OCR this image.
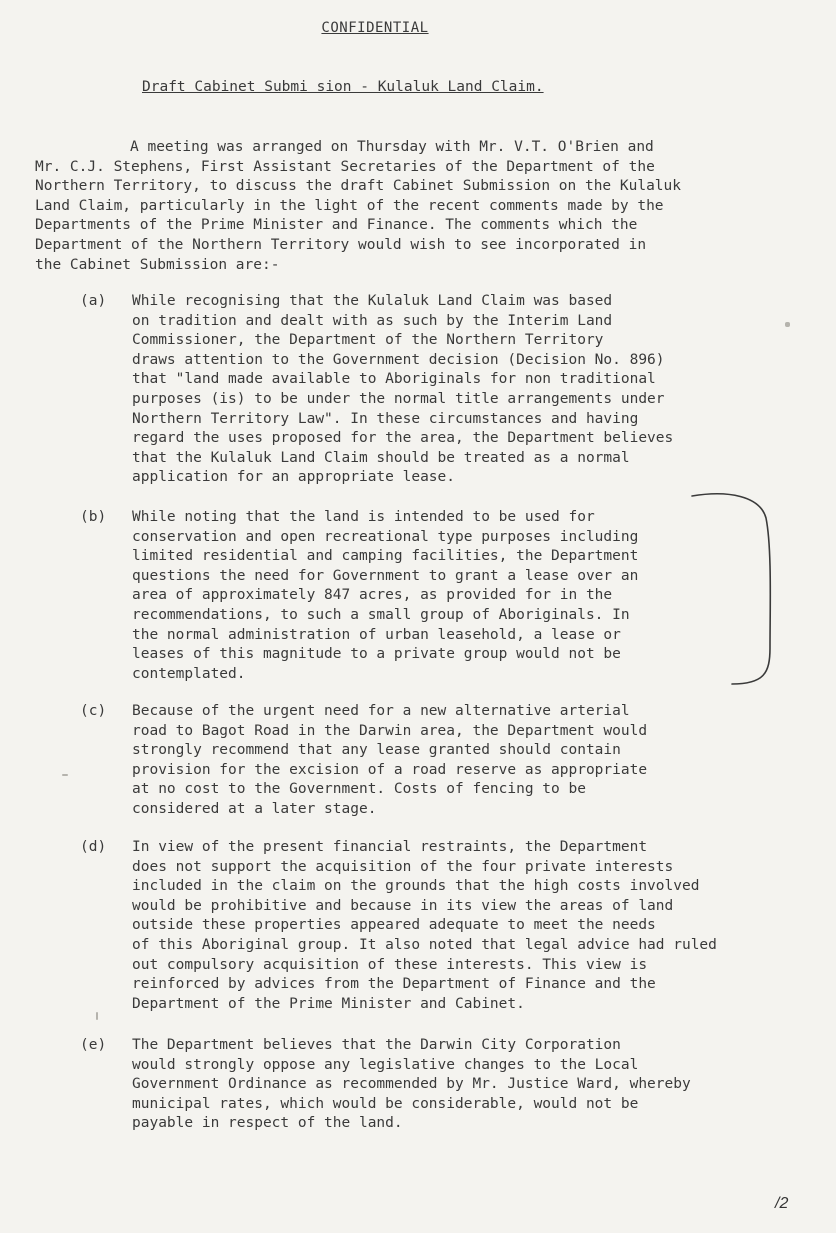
CONFIDENTIAL
Draft Cabinet Submi sion - Kulaluk Land Claim.
A meeting was arranged on Thursday with Mr. V.T. O'Brien and
Mr. C.J. Stephens, First Assistant Secretaries of the Department of the
Northern Territory, to discuss the draft Cabinet Submission on the Kulaluk
Land Claim, particularly in the light of the recent comments made by the
Departments of the Prime Minister and Finance. The comments which the
Department of the Northern Territory would wish to see incorporated in
the Cabinet Submission are:-
(a)	While recognising that the Kulaluk Land Claim was based
on tradition and dealt with as such by the Interim Land
Commissioner, the Department of the Northern Territory
draws attention to the Government decision (Decision No. 896)
that "land made available to Aboriginals for non traditional
purposes (is) to be under the normal title arrangements under
Northern Territory Law". In these circumstances and having
regard the uses proposed for the area, the Department believes
that the Kulaluk Land Claim should be treated as a normal
application for an appropriate lease.
(b)	While noting that the land is intended to be used for
conservation and open recreational type purposes including
limited residential and camping facilities, the Department
questions the need for Government to grant a lease over an
area of approximately 847 acres, as provided for in the
recommendations, to such a small group of Aboriginals. In
the normal administration of urban leasehold, a lease or
leases of this magnitude to a private group would not be
contemplated.
(c)	Because of the urgent need for a new alternative arterial
road to Bagot Road in the Darwin area, the Department would
strongly recommend that any lease granted should contain
provision for the excision of a road reserve as appropriate
at no cost to the Government. Costs of fencing to be
considered at a later stage.
(d)	In view of the present financial restraints, the Department
does not support the acquisition of the four private interests
included in the claim on the grounds that the high costs involved
would be prohibitive and because in its view the areas of land
outside these properties appeared adequate to meet the needs
of this Aboriginal group. It also noted that legal advice had ruled
out compulsory acquisition of these interests. This view is
reinforced by advices from the Department of Finance and the
Department of the Prime Minister and Cabinet.
(e)	The Department believes that the Darwin City Corporation
would strongly oppose any legislative changes to the Local
Government Ordinance as recommended by Mr. Justice Ward, whereby
municipal rates, which would be considerable, would not be
payable in respect of the land.
/2
